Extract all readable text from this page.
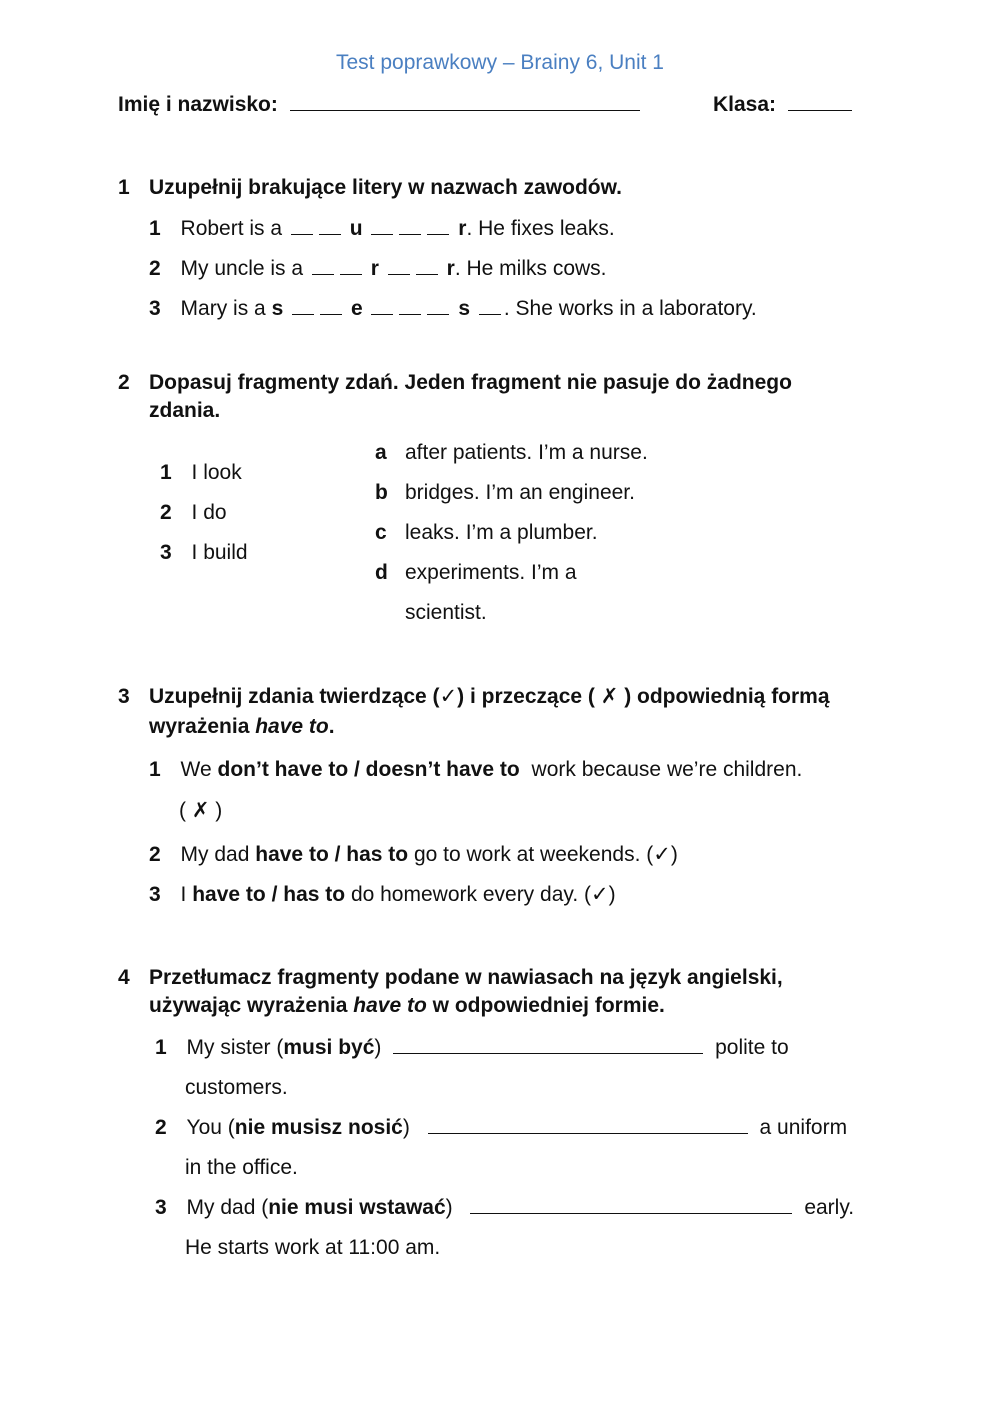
Test poprawkowy – Brainy 6, Unit 1
Imię i nazwisko:	Klasa:
1 Uzupełnij brakujące litery w nazwach zawodów.
1 Robert is a	u	r. He fixes leaks.
2 My uncle is a	r	r. He milks cows.
3 Mary is a s	e	s . She works in a laboratory.
2 Dopasuj fragmenty zdań. Jeden fragment nie pasuje do żadnego
zdania.
1 I look
2 I do
3 I build
a after patients. I’m a nurse.
b bridges. I’m an engineer.
c leaks. I’m a plumber.
d experiments. I’m a
scientist.
3 Uzupełnij zdania twierdzące (✓) i przeczące ( ✗ ) odpowiednią formą
wyrażenia have to.
1 We don’t have to / doesn’t have to work because we’re children.
( ✗ )
2 My dad have to / has to go to work at weekends. (✓)
3 I have to / has to do homework every day. (✓)
4 Przetłumacz fragmenty podane w nawiasach na język angielski,
używając wyrażenia have to w odpowiedniej formie.
1 My sister (musi być)	polite to
customers.
2 You (nie musisz nosić)	a uniform
in the office.
3 My dad (nie musi wstawać)	early.
He starts work at 11:00 am.
